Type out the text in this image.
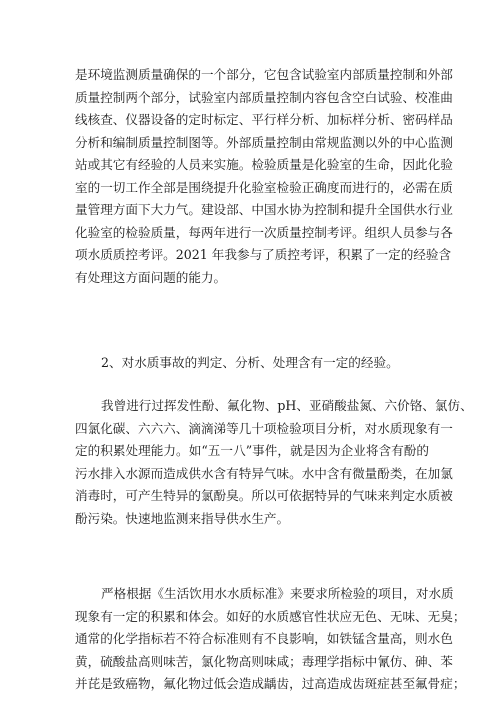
是环境监测质量确保的一个部分，它包含试验室内部质量控制和外部
质量控制两个部分，试验室内部质量控制内容包含空白试验、校准曲
线核查、仪器设备的定时标定、平行样分析、加标样分析、密码样品
分析和编制质量控制图等。外部质量控制由常规监测以外的中心监测
站或其它有经验的人员来实施。检验质量是化验室的生命，因此化验
室的一切工作全部是围绕提升化验室检验正确度而进行的，必需在质
量管理方面下大力气。建设部、中国水协为控制和提升全国供水行业
化验室的检验质量，每两年进行一次质量控制考评。组织人员参与各
项水质质控考评。2021 年我参与了质控考评，积累了一定的经验含
有处理这方面问题的能力。
2、对水质事故的判定、分析、处理含有一定的经验。
我曾进行过挥发性酚、氟化物、pH、亚硝酸盐氮、六价铬、氯仿、
四氯化碳、六六六、滴滴涕等几十项检验项目分析，对水质现象有一
定的积累处理能力。如“五一八”事件，就是因为企业将含有酚的
污水排入水源而造成供水含有特异气味。水中含有微量酚类，在加氯
消毒时，可产生特异的氯酚臭。所以可依据特异的气味来判定水质被
酚污染。快速地监测来指导供水生产。
严格根据《生活饮用水水质标准》来要求所检验的项目，对水质
现象有一定的积累和体会。如好的水质感官性状应无色、无味、无臭；
通常的化学指标若不符合标准则有不良影响，如铁锰含量高，则水色
黄，硫酸盐高则味苦，氯化物高则味咸；毒理学指标中氰仿、砷、苯
并芘是致癌物，氟化物过低会造成龋齿，过高造成齿斑症甚至氟骨症；
